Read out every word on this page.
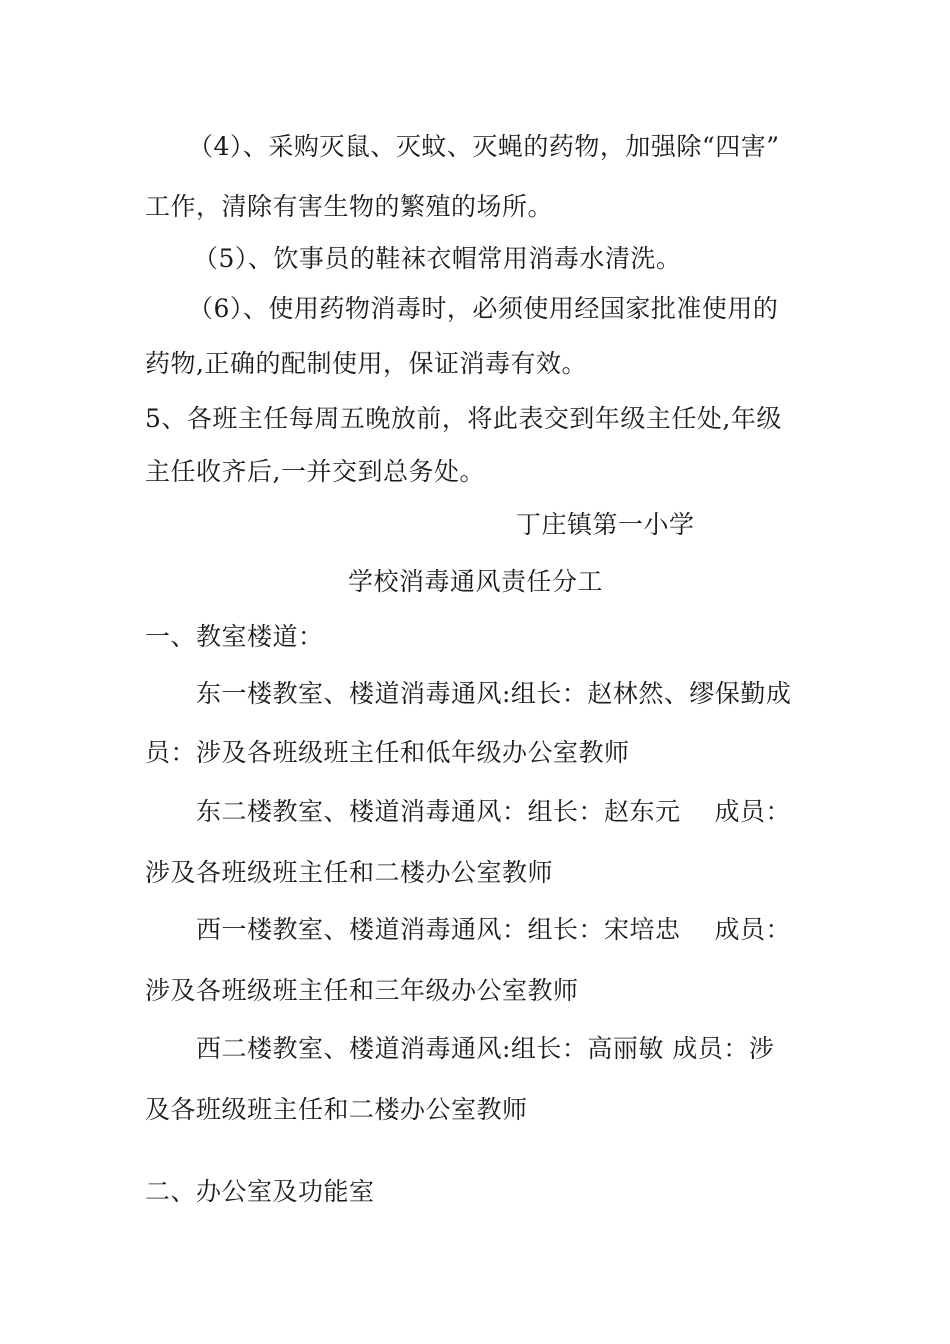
（4）、采购灭鼠、灭蚊、灭蝇的药物，加强除“四害”
工作，清除有害生物的繁殖的场所。
（5）、饮事员的鞋袜衣帽常用消毒水清洗。
（6）、使用药物消毒时，必须使用经国家批准使用的
药物,正确的配制使用，保证消毒有效。
5、各班主任每周五晚放前，将此表交到年级主任处,年级
主任收齐后,一并交到总务处。
丁庄镇第一小学
学校消毒通风责任分工
一、教室楼道：
东一楼教室、楼道消毒通风:组长：赵林然、缪保勤成
员：涉及各班级班主任和低年级办公室教师
东二楼教室、楼道消毒通风：组长：赵东元　 成员：
涉及各班级班主任和二楼办公室教师
西一楼教室、楼道消毒通风：组长：宋培忠　 成员：
涉及各班级班主任和三年级办公室教师
西二楼教室、楼道消毒通风:组长：高丽敏 成员：涉
及各班级班主任和二楼办公室教师
二、办公室及功能室
